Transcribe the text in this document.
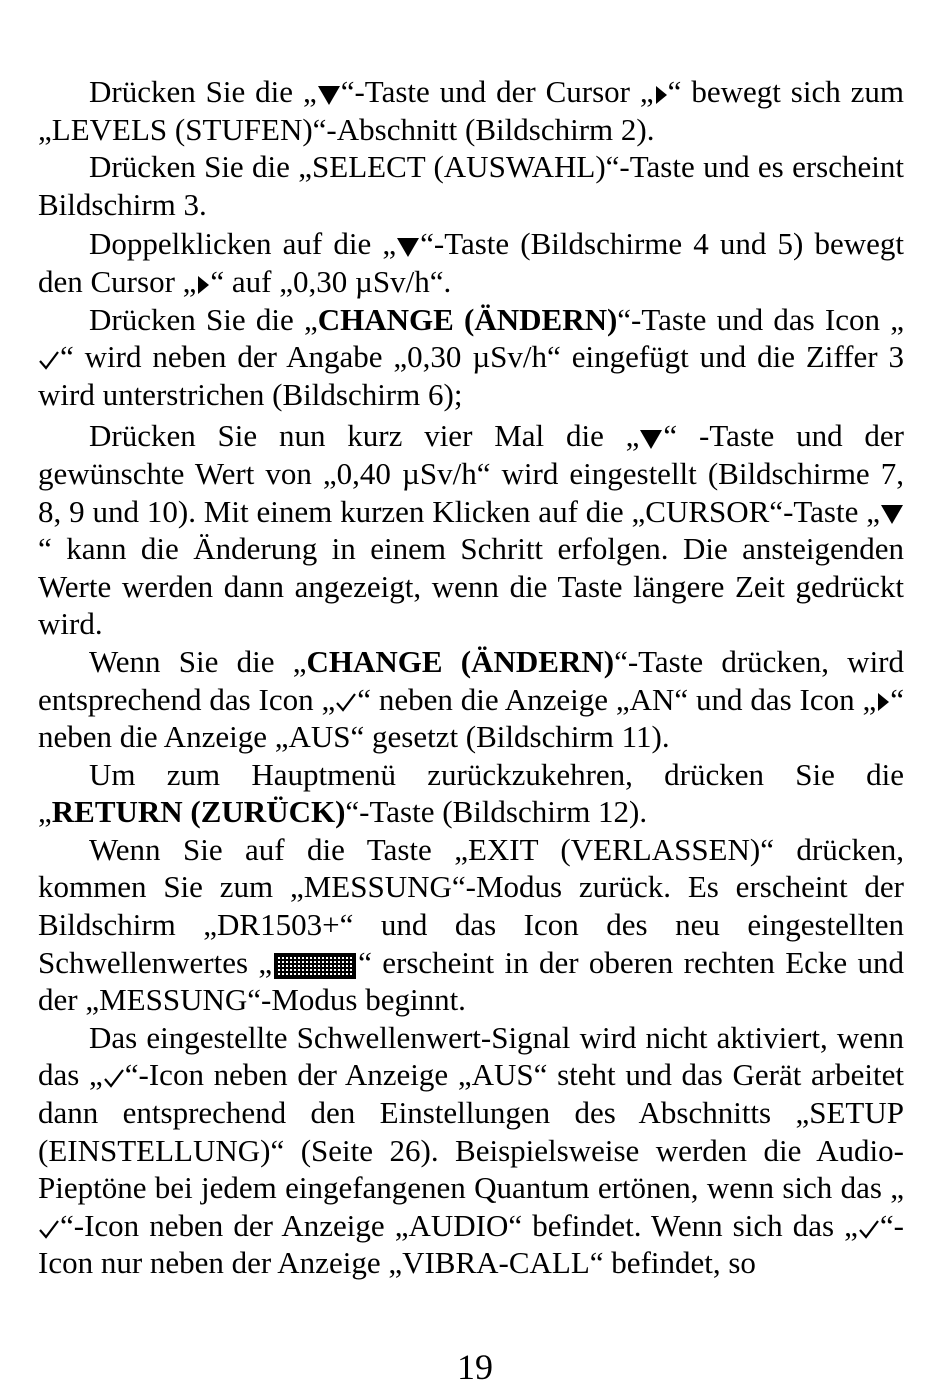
Drücken Sie die „ “-Taste und der Cursor „ “ bewegt sich zum „LEVELS (STUFEN)“-Abschnitt (Bildschirm 2).

Drücken Sie die „SELECT (AUSWAHL)“-Taste und es erscheint Bildschirm 3.

Doppelklicken auf die „ “-Taste (Bildschirme 4 und 5) bewegt den Cursor „ “ auf „0,30 µSv/h“.

Drücken Sie die „CHANGE (ÄNDERN)“-Taste und das Icon „
“ wird neben der Angabe „0,30 µSv/h“ eingefügt und die Ziffer 3 wird unterstrichen (Bildschirm 6);

Drücken Sie nun kurz vier Mal die „ “ -Taste und der gewünschte Wert von „0,40 µSv/h“ wird eingestellt (Bildschirme 7, 8, 9 und 10). Mit einem kurzen Klicken auf die „CURSOR“-Taste „
“ kann die Änderung in einem Schritt erfolgen. Die ansteigenden Werte werden dann angezeigt, wenn die Taste längere Zeit gedrückt wird.

Wenn Sie die „CHANGE (ÄNDERN)“-Taste drücken, wird entsprechend das Icon „ “ neben die Anzeige „AN“ und das Icon „ “ neben die Anzeige „AUS“ gesetzt (Bildschirm 11).

Um zum Hauptmenü zurückzukehren, drücken Sie die „RETURN (ZURÜCK)“-Taste (Bildschirm 12).

Wenn Sie auf die Taste „EXIT (VERLASSEN)“ drücken, kommen Sie zum „MESSUNG“-Modus zurück. Es erscheint der Bildschirm „DR1503+“ und das Icon des neu eingestellten Schwellenwertes „	“ erscheint in der oberen rechten Ecke und der „MESSUNG“-Modus beginnt.

Das eingestellte Schwellenwert-Signal wird nicht aktiviert, wenn das „ “-Icon neben der Anzeige „AUS“ steht und das Gerät arbeitet dann entsprechend den Einstellungen des Abschnitts „SETUP (EINSTELLUNG)“ (Seite 26). Beispielsweise werden die Audio-Pieptöne bei jedem eingefangenen Quantum ertönen, wenn sich das „
“-Icon neben der Anzeige „AUDIO“ befindet. Wenn sich das „ “-Icon nur neben der Anzeige „VIBRA-CALL“ befindet, so

19
